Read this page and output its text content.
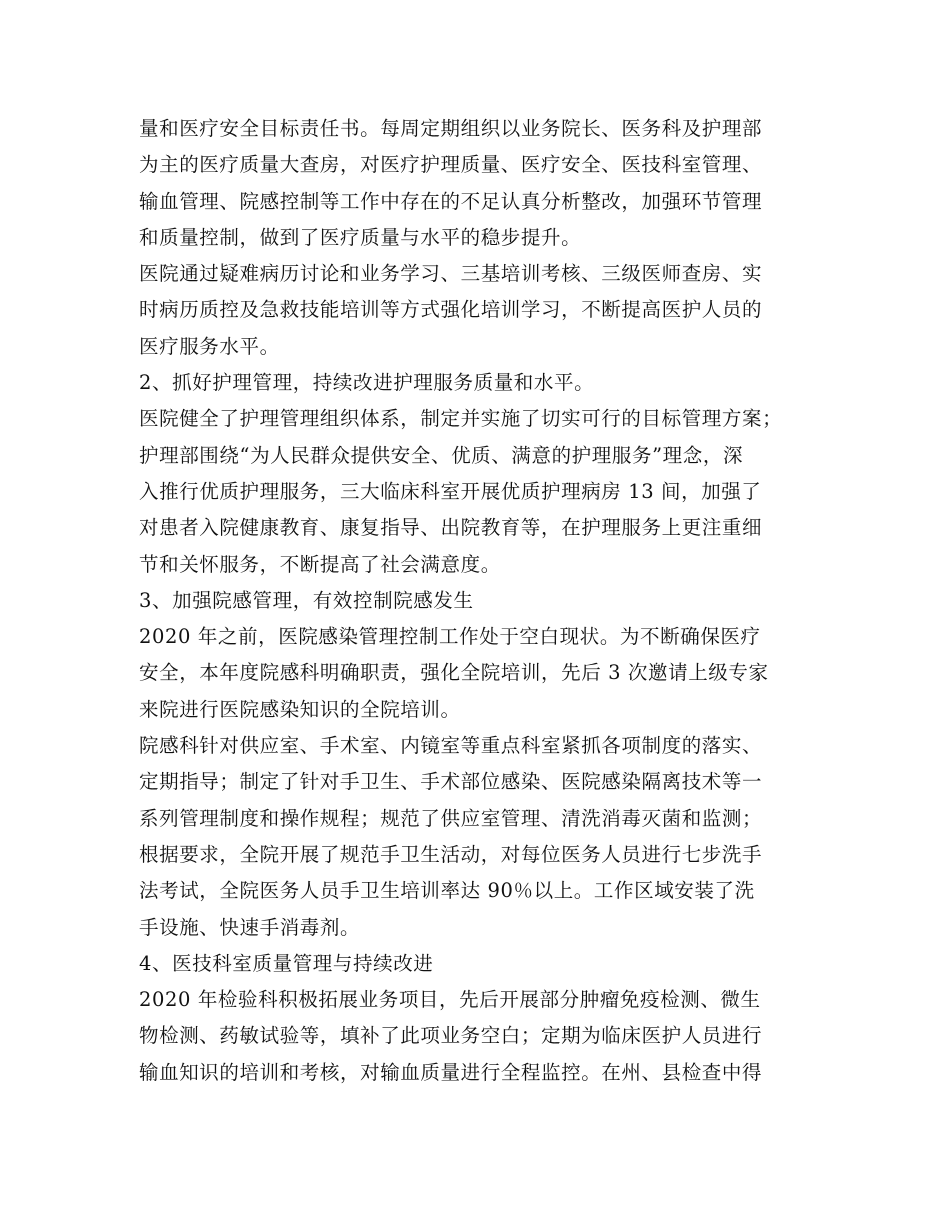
量和医疗安全目标责任书。每周定期组织以业务院长、医务科及护理部
为主的医疗质量大查房，对医疗护理质量、医疗安全、医技科室管理、
输血管理、院感控制等工作中存在的不足认真分析整改，加强环节管理
和质量控制，做到了医疗质量与水平的稳步提升。
医院通过疑难病历讨论和业务学习、三基培训考核、三级医师查房、实
时病历质控及急救技能培训等方式强化培训学习，不断提高医护人员的
医疗服务水平。
2、抓好护理管理，持续改进护理服务质量和水平。
医院健全了护理管理组织体系，制定并实施了切实可行的目标管理方案；
护理部围绕“为人民群众提供安全、优质、满意的护理服务”理念，深
入推行优质护理服务，三大临床科室开展优质护理病房 13 间，加强了
对患者入院健康教育、康复指导、出院教育等，在护理服务上更注重细
节和关怀服务，不断提高了社会满意度。
3、加强院感管理，有效控制院感发生
2020 年之前，医院感染管理控制工作处于空白现状。为不断确保医疗
安全，本年度院感科明确职责，强化全院培训，先后 3 次邀请上级专家
来院进行医院感染知识的全院培训。
院感科针对供应室、手术室、内镜室等重点科室紧抓各项制度的落实、
定期指导；制定了针对手卫生、手术部位感染、医院感染隔离技术等一
系列管理制度和操作规程；规范了供应室管理、清洗消毒灭菌和监测；
根据要求，全院开展了规范手卫生活动，对每位医务人员进行七步洗手
法考试，全院医务人员手卫生培训率达 90％以上。工作区域安装了洗
手设施、快速手消毒剂。
4、医技科室质量管理与持续改进
2020 年检验科积极拓展业务项目，先后开展部分肿瘤免疫检测、微生
物检测、药敏试验等，填补了此项业务空白；定期为临床医护人员进行
输血知识的培训和考核，对输血质量进行全程监控。在州、县检查中得
